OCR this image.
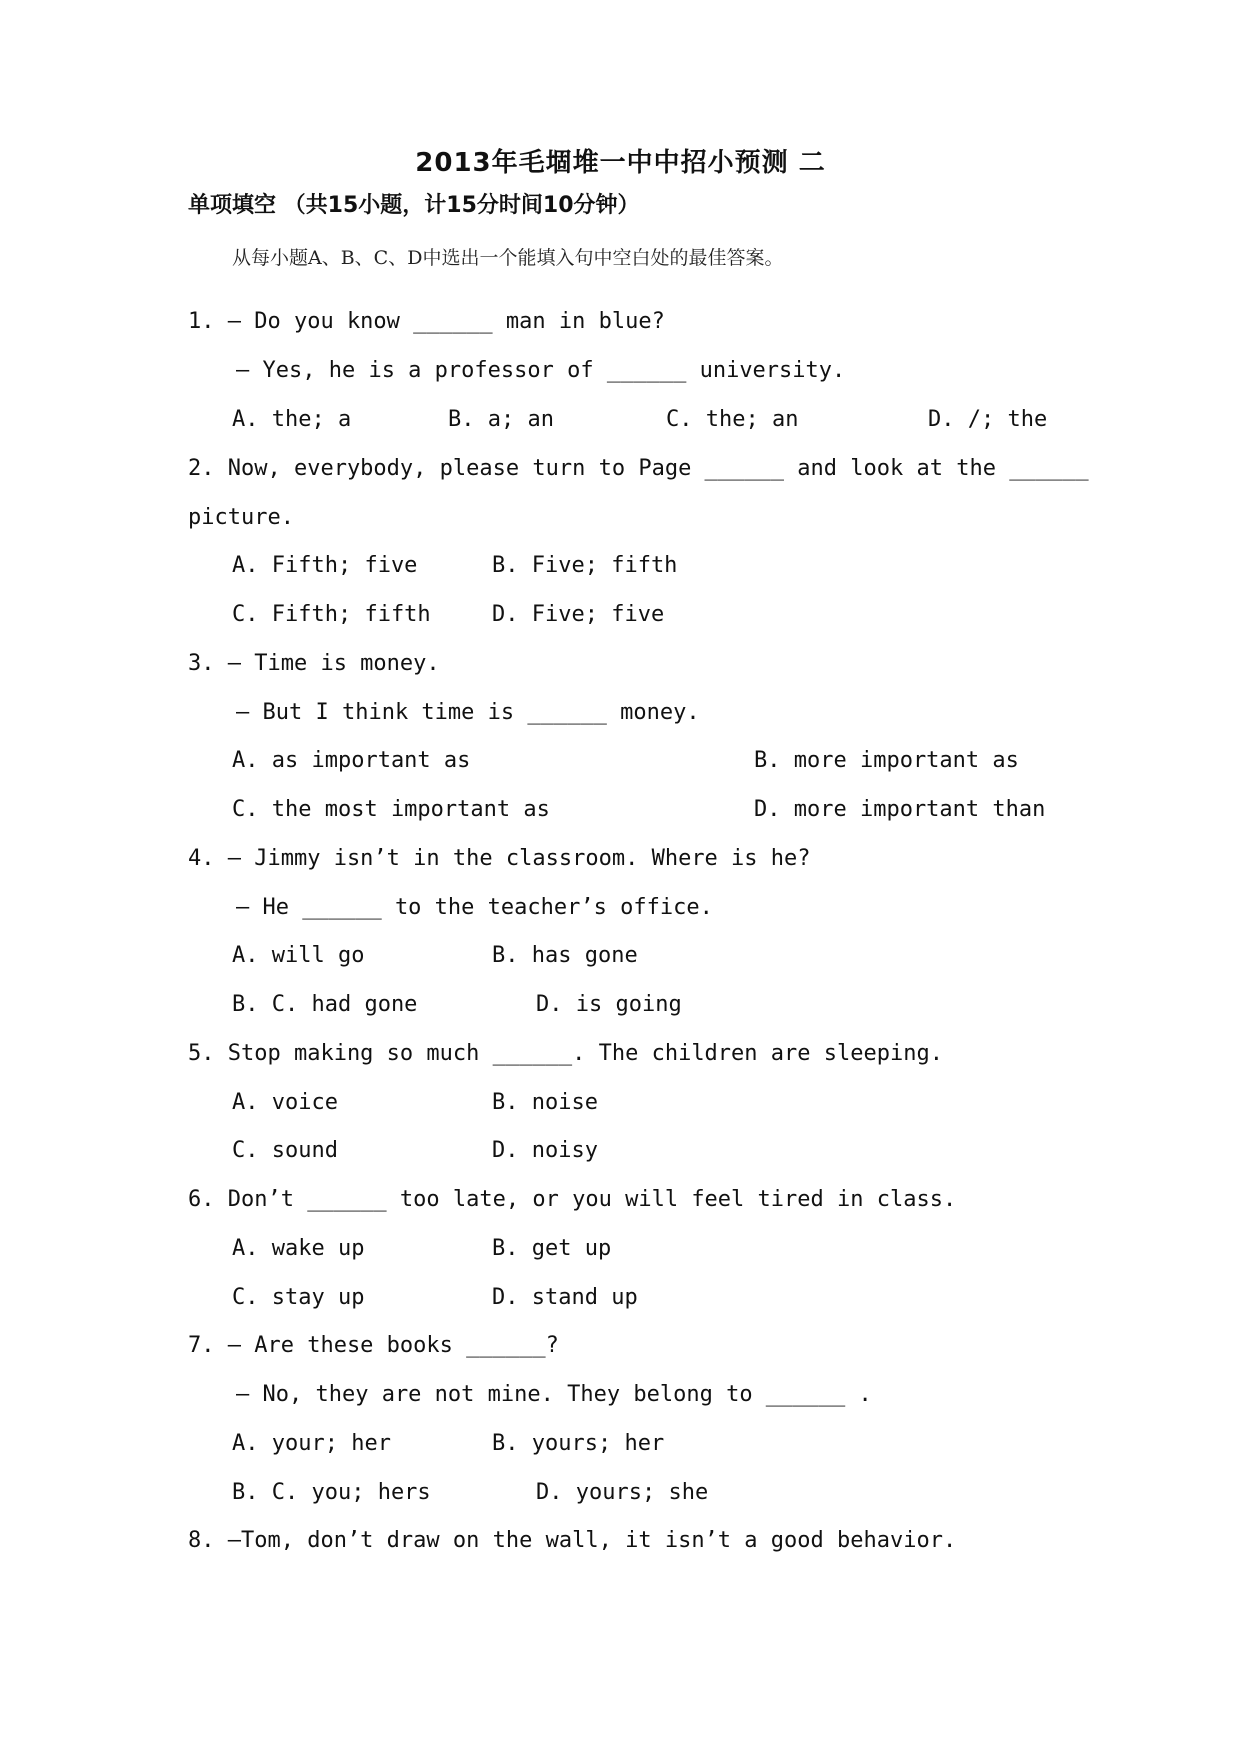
2013年毛堌堆一中中招小预测 二
单项填空 （共15小题，计15分时间10分钟）
从每小题A、B、C、D中选出一个能填入句中空白处的最佳答案。
1. — Do you know ______ man in blue?
— Yes, he is a professor of ______ university.
A. the; a	B. a; an	C. the; an	D. /; the
2. Now, everybody, please turn to Page ______ and look at the ______
picture.
A. Fifth; five	B. Five; fifth
C. Fifth; fifth	D. Five; five
3. — Time is money.
— But I think time is ______ money.
A. as important as	B. more important as
C. the most important as	D. more important than
4. — Jimmy isn’t in the classroom. Where is he?
— He ______ to the teacher’s office.
A. will go	B. has gone
B. C. had gone	D. is going
5. Stop making so much ______. The children are sleeping.
A. voice	B. noise
C. sound	D. noisy
6. Don’t ______ too late, or you will feel tired in class.
A. wake up	B. get up
C. stay up	D. stand up
7. — Are these books ______?
— No, they are not mine. They belong to ______ .
A. your; her	B. yours; her
B. C. you; hers	D. yours; she
8. —Tom, don’t draw on the wall, it isn’t a good behavior.
